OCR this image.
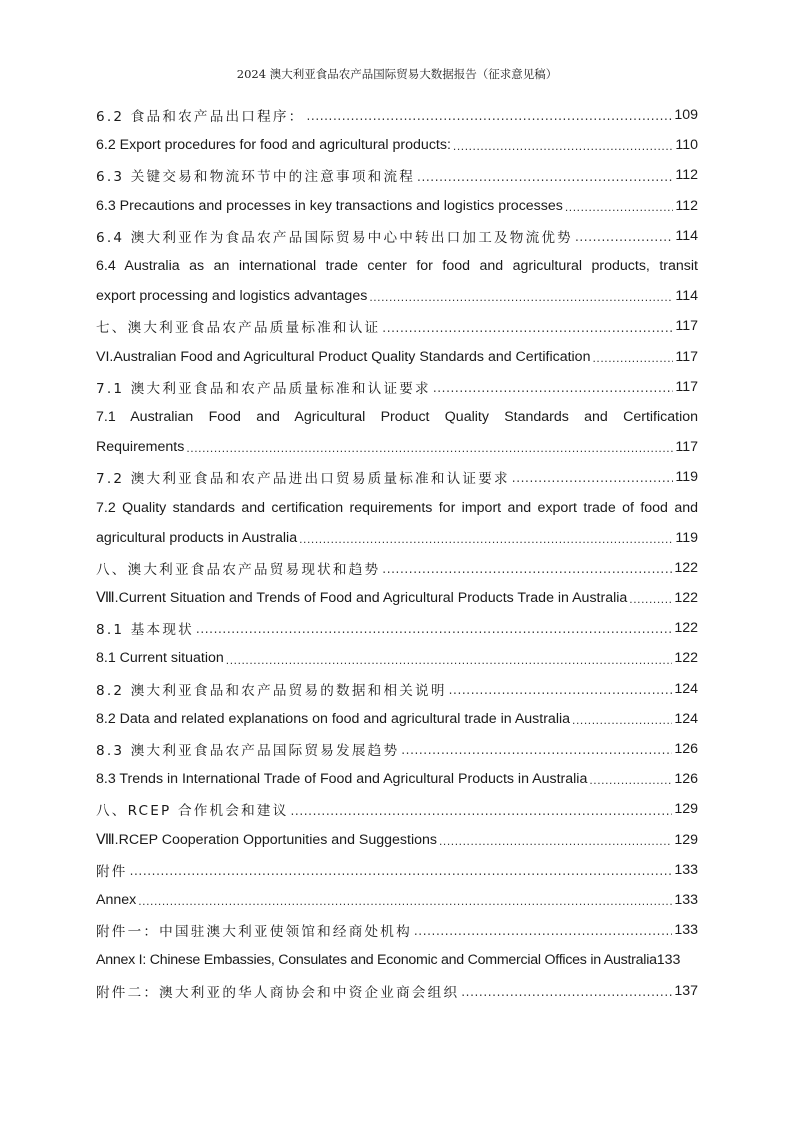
2024 澳大利亚食品农产品国际贸易大数据报告（征求意见稿）
6.2 食品和农产品出口程序： .....	109
6.2 Export procedures for food and agricultural products: .....	110
6.3 关键交易和物流环节中的注意事项和流程 .....	112
6.3 Precautions and processes in key transactions and logistics processes .....	112
6.4 澳大利亚作为食品农产品国际贸易中心中转出口加工及物流优势 .....	114
6.4 Australia as an international trade center for food and agricultural products, transit
export processing and logistics advantages .....	114
七、澳大利亚食品农产品质量标准和认证 .....	117
VI.Australian Food and Agricultural Product Quality Standards and Certification .....	117
7.1 澳大利亚食品和农产品质量标准和认证要求 .....	117
7.1 Australian Food and Agricultural Product Quality Standards and Certification
Requirements .....	117
7.2 澳大利亚食品和农产品进出口贸易质量标准和认证要求 .....	119
7.2 Quality standards and certification requirements for import and export trade of food and
agricultural products in Australia .....	119
八、澳大利亚食品农产品贸易现状和趋势 .....	122
Ⅷ.Current Situation and Trends of Food and Agricultural Products Trade in Australia .....	122
8.1 基本现状 .....	122
8.1 Current situation .....	122
8.2 澳大利亚食品和农产品贸易的数据和相关说明 .....	124
8.2 Data and related explanations on food and agricultural trade in Australia .....	124
8.3 澳大利亚食品农产品国际贸易发展趋势 .....	126
8.3 Trends in International Trade of Food and Agricultural Products in Australia .....	126
八、RCEP 合作机会和建议 .....	129
Ⅷ.RCEP Cooperation Opportunities and Suggestions .....	129
附件 .....	133
Annex .....	133
附件一：中国驻澳大利亚使领馆和经商处机构 .....	133
Annex I: Chinese Embassies, Consulates and Economic and Commercial Offices in Australia 133
附件二：澳大利亚的华人商协会和中资企业商会组织 .....	137
